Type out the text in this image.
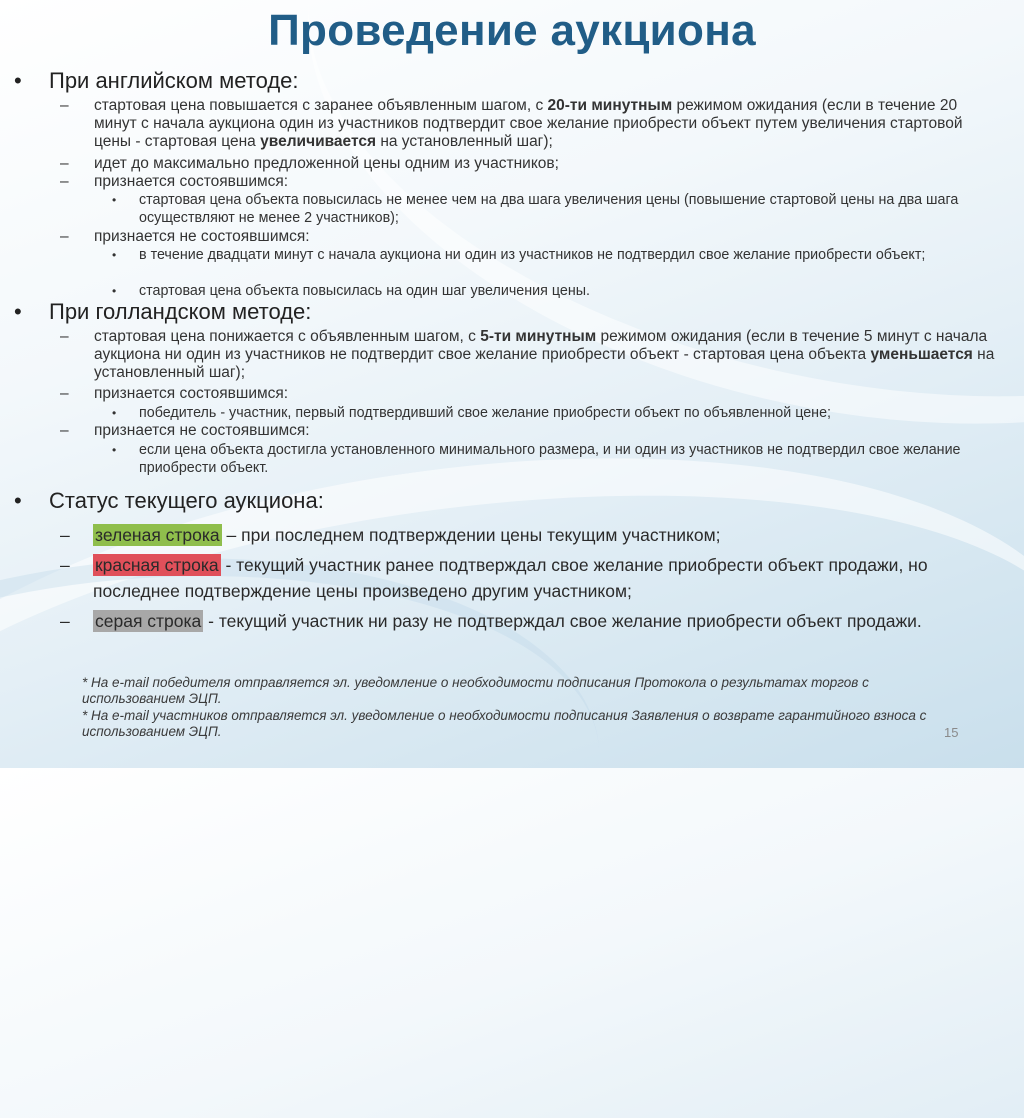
Проведение аукциона
• При английском методе:
– стартовая цена повышается с заранее объявленным шагом, с 20-ти минутным режимом ожидания (если в течение 20 минут с начала аукциона один из участников подтвердит свое желание приобрести объект путем увеличения стартовой цены - стартовая цена увеличивается на установленный шаг);
– идет до максимально предложенной цены одним из участников;
– признается состоявшимся:
• стартовая цена объекта повысилась не менее чем на два шага увеличения цены (повышение стартовой цены на два шага осуществляют не менее 2 участников);
– признается не состоявшимся:
• в течение двадцати минут с начала аукциона ни один из участников не подтвердил свое желание приобрести объект;
• стартовая цена объекта повысилась на один шаг увеличения цены.
• При голландском методе:
– стартовая цена понижается с объявленным шагом, с 5-ти минутным режимом ожидания (если в течение 5 минут с начала аукциона ни один из участников не подтвердит свое желание приобрести объект - стартовая цена объекта уменьшается на установленный шаг);
– признается состоявшимся:
• победитель - участник, первый подтвердивший свое желание приобрести объект по объявленной цене;
– признается не состоявшимся:
• если цена объекта достигла установленного минимального размера, и ни один из участников не подтвердил свое желание приобрести объект.
• Статус текущего аукциона:
– зеленая строка – при последнем подтверждении цены текущим участником;
– красная строка - текущий участник ранее подтверждал свое желание приобрести объект продажи, но последнее подтверждение цены произведено другим участником;
– серая строка - текущий участник ни разу не подтверждал свое желание приобрести объект продажи.
* На e-mail победителя отправляется эл. уведомление о необходимости подписания Протокола о результатах торгов с использованием ЭЦП.
* На e-mail участников отправляется эл. уведомление о необходимости подписания Заявления о возврате гарантийного взноса с использованием ЭЦП.	15
